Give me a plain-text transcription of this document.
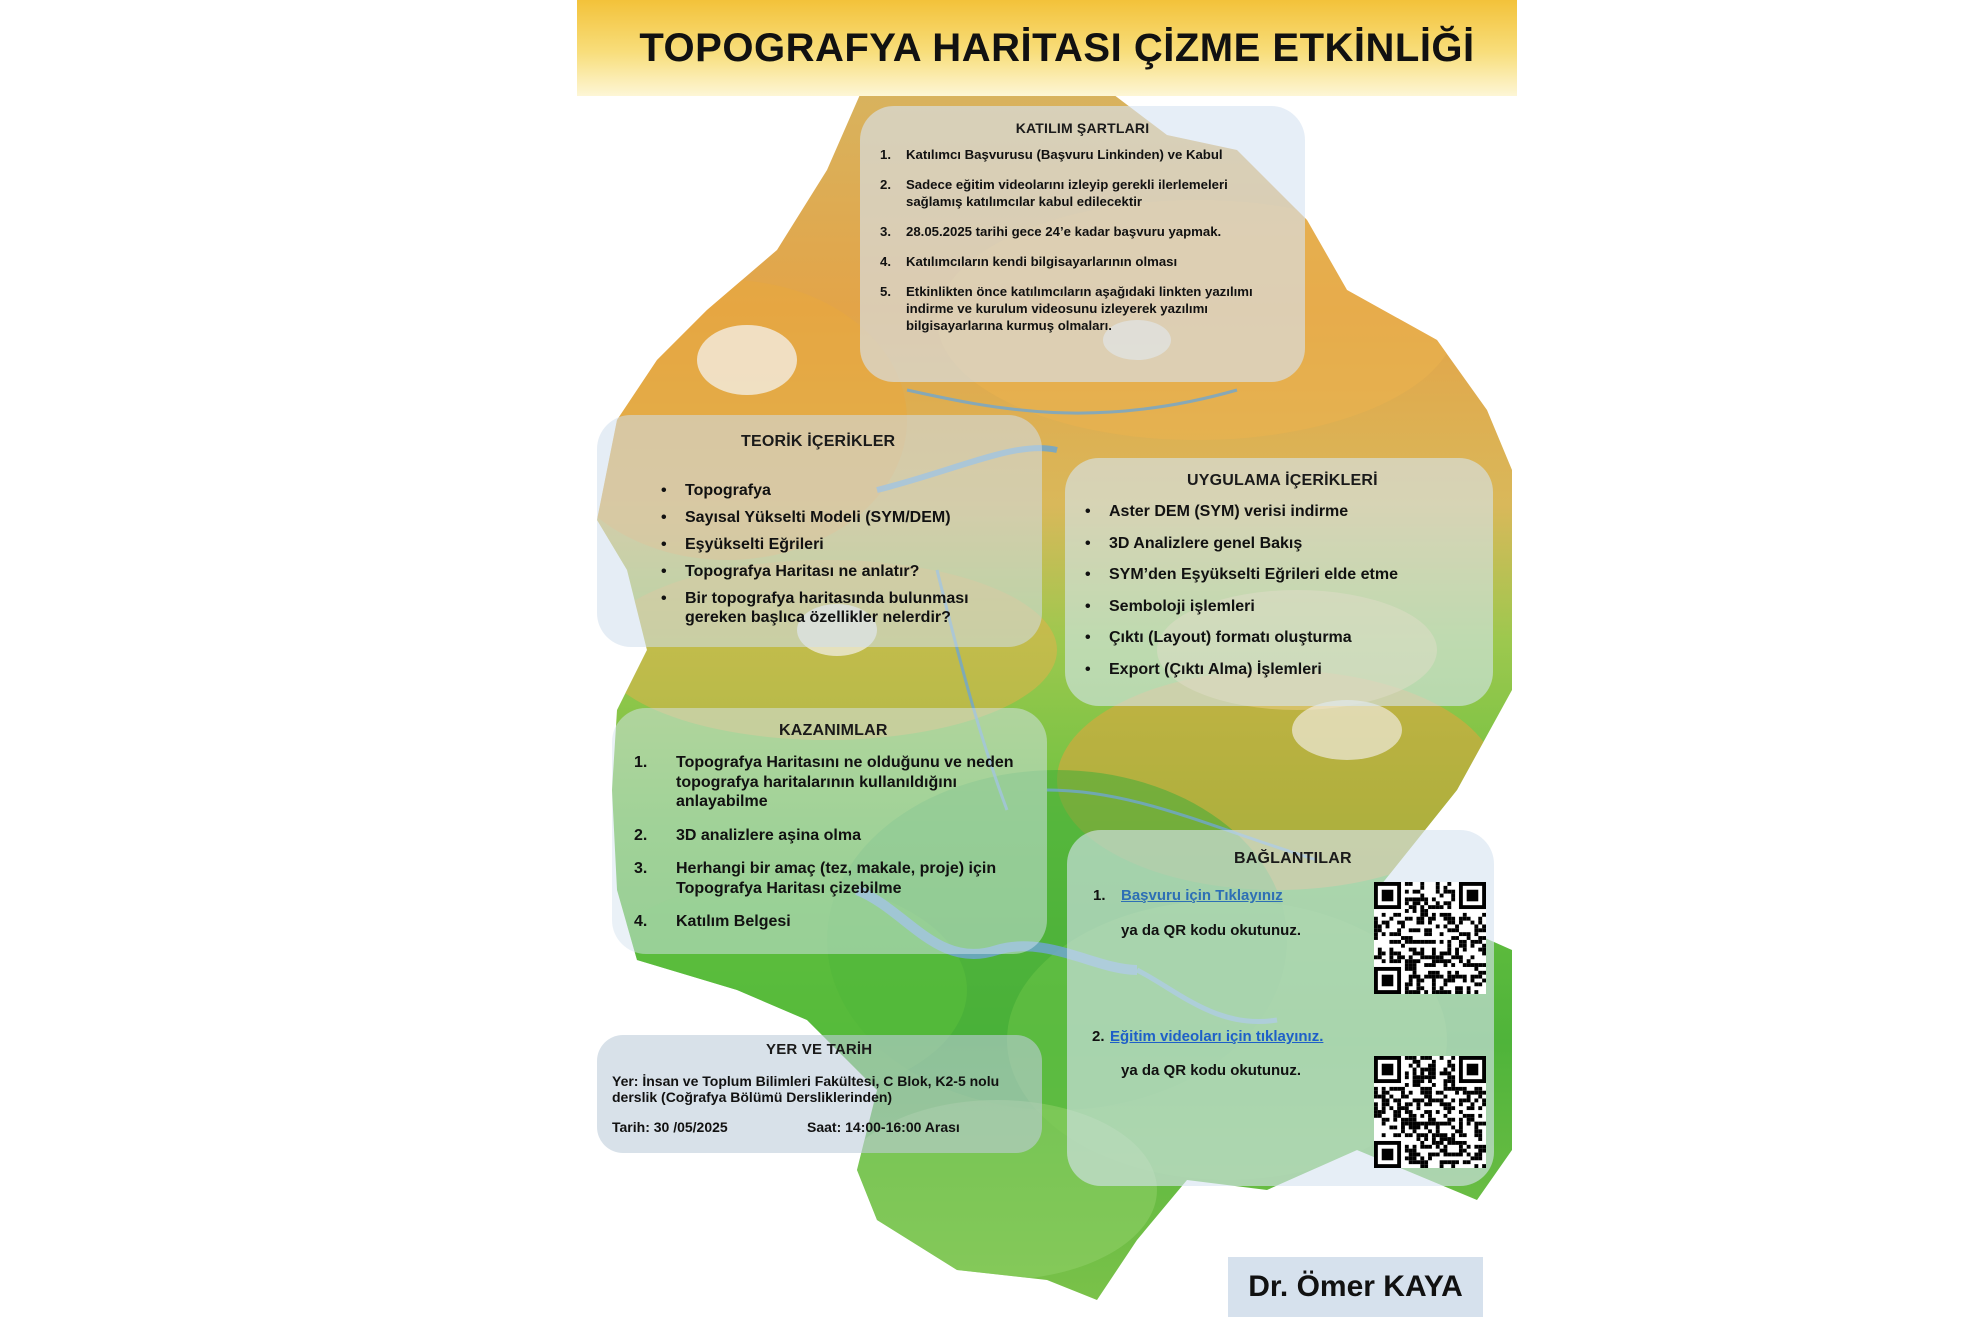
TOPOGRAFYA HARİTASI ÇİZME ETKİNLİĞİ
KATILIM ŞARTLARI
1.	Katılımcı Başvurusu (Başvuru Linkinden) ve Kabul
2.	Sadece eğitim videolarını izleyip gerekli ilerlemeleri sağlamış katılımcılar kabul edilecektir
3.	28.05.2025 tarihi gece 24’e kadar başvuru yapmak.
4.	Katılımcıların kendi bilgisayarlarının olması
5.	Etkinlikten önce katılımcıların aşağıdaki linkten yazılımı indirme ve kurulum videosunu izleyerek yazılımı bilgisayarlarına kurmuş olmaları.
TEORİK İÇERİKLER
•	Topografya
•	Sayısal Yükselti Modeli (SYM/DEM)
•	Eşyükselti Eğrileri
•	Topografya Haritası ne anlatır?
•	Bir topografya haritasında bulunması gereken başlıca özellikler nelerdir?
UYGULAMA İÇERİKLERİ
•	Aster DEM (SYM) verisi indirme
•	3D Analizlere genel Bakış
•	SYM’den Eşyükselti Eğrileri elde etme
•	Semboloji işlemleri
•	Çıktı (Layout) formatı oluşturma
•	Export (Çıktı Alma) İşlemleri
KAZANIMLAR
1.	Topografya Haritasını ne olduğunu ve neden topografya haritalarının kullanıldığını anlayabilme
2.	3D analizlere aşina olma
3.	Herhangi bir amaç (tez, makale, proje) için Topografya Haritası çizebilme
4.	Katılım Belgesi
YER VE TARİH
Yer: İnsan ve Toplum Bilimleri Fakültesi, C Blok, K2-5 nolu derslik (Coğrafya Bölümü Dersliklerinden)
Tarih: 30 /05/2025	Saat: 14:00-16:00 Arası
BAĞLANTILAR
1. Başvuru için Tıklayınız
ya da QR kodu okutunuz.
2. Eğitim videoları için tıklayınız.
ya da QR kodu okutunuz.
Dr. Ömer KAYA
